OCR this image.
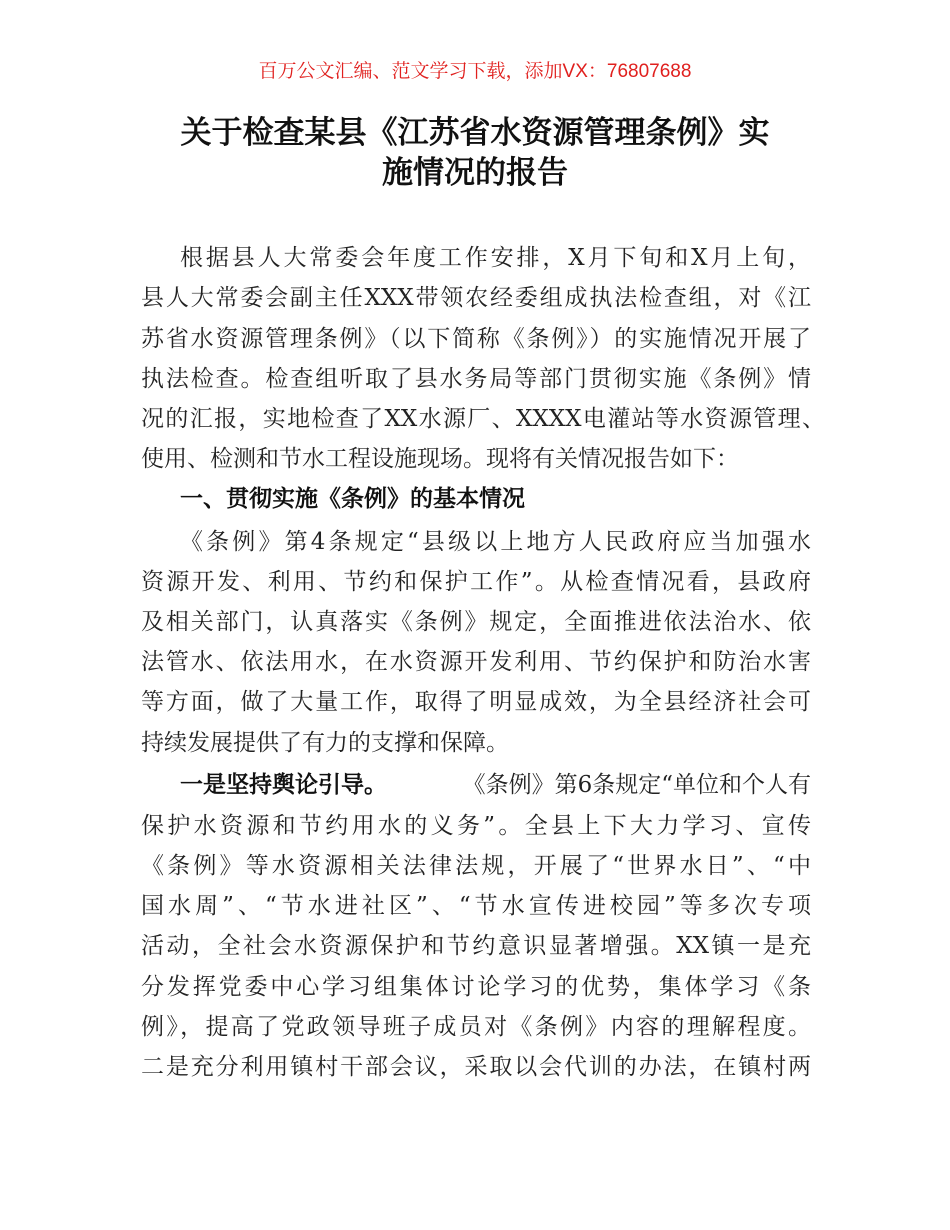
百万公文汇编、范文学习下载，添加VX：76807688
关于检查某县《江苏省水资源管理条例》实
施情况的报告
根据县人大常委会年度工作安排，X月下旬和X月上旬，
县人大常委会副主任XXX带领农经委组成执法检查组，对《江
苏省水资源管理条例》（以下简称《条例》）的实施情况开展了
执法检查。检查组听取了县水务局等部门贯彻实施《条例》情
况的汇报，实地检查了XX水源厂、XXXX电灌站等水资源管理、
使用、检测和节水工程设施现场。现将有关情况报告如下：
一、贯彻实施《条例》的基本情况
《条例》第4条规定“县级以上地方人民政府应当加强水
资源开发、利用、节约和保护工作”。从检查情况看，县政府
及相关部门，认真落实《条例》规定，全面推进依法治水、依
法管水、依法用水，在水资源开发利用、节约保护和防治水害
等方面，做了大量工作，取得了明显成效，为全县经济社会可
持续发展提供了有力的支撑和保障。
一是坚持舆论引导。	《条例》第6条规定“单位和个人有
保护水资源和节约用水的义务”。全县上下大力学习、宣传
《条例》等水资源相关法律法规，开展了“世界水日”、“中
国水周”、“节水进社区”、“节水宣传进校园”等多次专项
活动，全社会水资源保护和节约意识显著增强。XX镇一是充
分发挥党委中心学习组集体讨论学习的优势，集体学习《条
例》，提高了党政领导班子成员对《条例》内容的理解程度。
二是充分利用镇村干部会议，采取以会代训的办法，在镇村两
